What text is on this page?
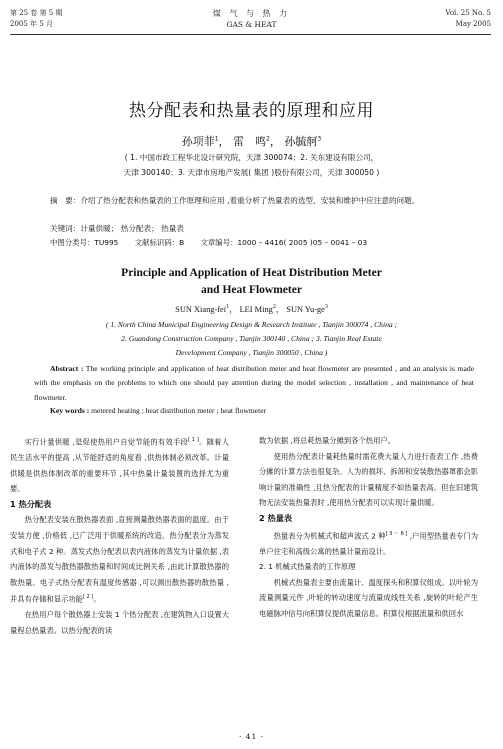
第 25 卷 第 5 期
2005 年 5 月
煤 气 与 热 力
GAS & HEAT
Vol. 25 No. 5
May 2005
热分配表和热量表的原理和应用
孙项菲$^1$， 雷　鸣$^2$， 孙毓舸$^3$
( 1. 中国市政工程华北设计研究院，天津 300074；2. 关东建设有限公司，
天津 300140；3. 天津市房地产发展( 集团 )股份有限公司，天津 300050 )
摘　要：介绍了热分配表和热量表的工作原理和应用 ,着重分析了热量表的选型、安装和维护中应注意的问题。
关键词：计量供暖； 热分配表； 热量表
中图分类号：TU995 文献标识码：B 文章编号：1000 – 4416( 2005 )05 – 0041 – 03
Principle and Application of Heat Distribution Meter
and Heat Flowmeter
SUN Xiang-fei$^1$， LEI Ming$^2$， SUN $Yu-ge^3$
( 1. North China Municipal Engineering Design & Research Institute , Tianjin 300074 , China ;
2. Guandong Construction Company , Tianjin 300140 , China ; 3. Tianjin Real Estate
Development Company , Tianjin 300050 , China )
Abstract : The working principle and application of heat distribution meter and heat flowmeter are presented , and an analysis is made with the emphasis on the problems to which one should pay attention during the model selection , installation , and maintenance of heat flowmeter.
Key words : metered heating ; heat distribution meter ; heat flowmeter

实行计量供暖 ,是促使热用户自觉节能的有效手段[ 1 ]。随着人民生活水平的提高 ,从节能舒适的角度看 ,供热体制必须改革。计量供暖是供热体制改革的重要环节 ,其中热量计量装置的选择尤为重要。

1 热分配表

热分配表安装在散热器表面 ,直接测量散热器表面的温度。由于安装方便 ,价格低 ,已广泛用于供暖系统的改造。热分配表分为蒸发式和电子式 2 种。蒸发式热分配表以表内液体的蒸发为计量依据 ,表内液体的蒸发与散热器散热量和时间成比例关系 ,由此计算散热器的散热量。电子式热分配表有温度传感器 ,可以测出散热器的散热量 ,并具有存储和显示功能[ 2 ]。

在热用户每个散热器上安装 1 个热分配表 ,在建筑物入口设置大量程总热量表。以热分配表的读

数为依据 ,将总耗热量分摊到各个热用户。

使用热分配表计量耗热量时需花费大量人力进行查表工作 ,热费分摊的计算方法也很复杂。人为的损坏、拆卸和安装散热器罩都会影响计量的准确性 ,且热分配表的计量精度不如热量表高。但在旧建筑物无法安装热量表时 ,使用热分配表可以实现计量供暖。

2 热量表

热量表分为机械式和超声波式 2 种[ 3 ～ 6 ] ,户用型热量表专门为单户住宅和高级公寓的热量计量而设计。

2. 1 机械式热量表的工作原理

机械式热量表主要由流量计、温度探头和积算仪组成。以叶轮为流量测量元件 ,叶轮的转动速度与流量成线性关系 ,旋转的叶轮产生电磁脉冲信号向积算仪提供流量信息。积算仪根据流量和供回水

· 41 ·
